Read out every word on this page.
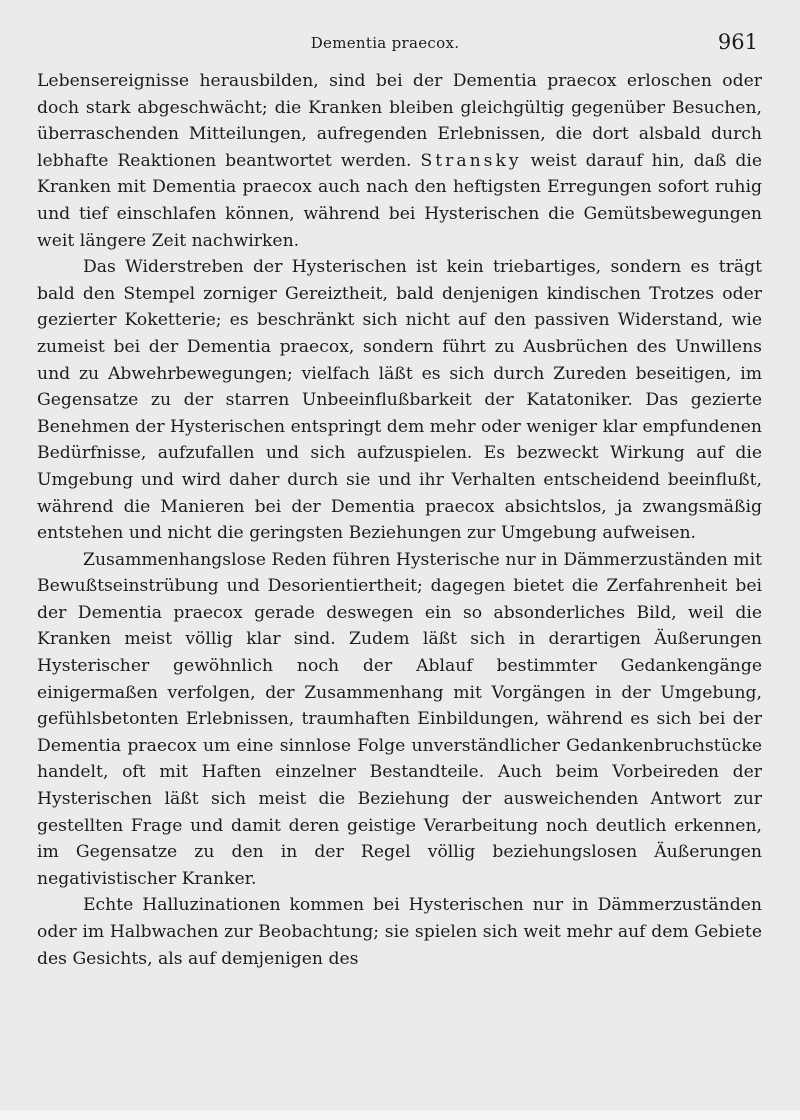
Dementia praecox.	961

Lebensereignisse herausbilden, sind bei der Dementia praecox erloschen oder doch stark abgeschwächt; die Kranken bleiben gleichgültig gegenüber Besuchen, überraschenden Mitteilungen, aufregenden Erlebnissen, die dort alsbald durch lebhafte Reaktionen beantwortet werden. Stransky weist darauf hin, daß die Kranken mit Dementia praecox auch nach den heftigsten Erregungen sofort ruhig und tief einschlafen können, während bei Hysterischen die Gemütsbewegungen weit längere Zeit nachwirken.

Das Widerstreben der Hysterischen ist kein triebartiges, sondern es trägt bald den Stempel zorniger Gereiztheit, bald denjenigen kindischen Trotzes oder gezierter Koketterie; es beschränkt sich nicht auf den passiven Widerstand, wie zumeist bei der Dementia praecox, sondern führt zu Ausbrüchen des Unwillens und zu Abwehrbewegungen; vielfach läßt es sich durch Zureden beseitigen, im Gegensatze zu der starren Unbeeinflußbarkeit der Katatoniker. Das gezierte Benehmen der Hysterischen entspringt dem mehr oder weniger klar empfundenen Bedürfnisse, aufzufallen und sich aufzuspielen. Es bezweckt Wirkung auf die Umgebung und wird daher durch sie und ihr Verhalten entscheidend beeinflußt, während die Manieren bei der Dementia praecox absichtslos, ja zwangsmäßig entstehen und nicht die geringsten Beziehungen zur Umgebung aufweisen.

Zusammenhangslose Reden führen Hysterische nur in Dämmerzuständen mit Bewußtseinstrübung und Desorientiertheit; dagegen bietet die Zerfahrenheit bei der Dementia praecox gerade deswegen ein so absonderliches Bild, weil die Kranken meist völlig klar sind. Zudem läßt sich in derartigen Äußerungen Hysterischer gewöhnlich noch der Ablauf bestimmter Gedankengänge einigermaßen verfolgen, der Zusammenhang mit Vorgängen in der Umgebung, gefühlsbetonten Erlebnissen, traumhaften Einbildungen, während es sich bei der Dementia praecox um eine sinnlose Folge unverständlicher Gedankenbruchstücke handelt, oft mit Haften einzelner Bestandteile. Auch beim Vorbeireden der Hysterischen läßt sich meist die Beziehung der ausweichenden Antwort zur gestellten Frage und damit deren geistige Verarbeitung noch deutlich erkennen, im Gegensatze zu den in der Regel völlig beziehungslosen Äußerungen negativistischer Kranker.

Echte Halluzinationen kommen bei Hysterischen nur in Dämmerzuständen oder im Halbwachen zur Beobachtung; sie spielen sich weit mehr auf dem Gebiete des Gesichts, als auf demjenigen des
